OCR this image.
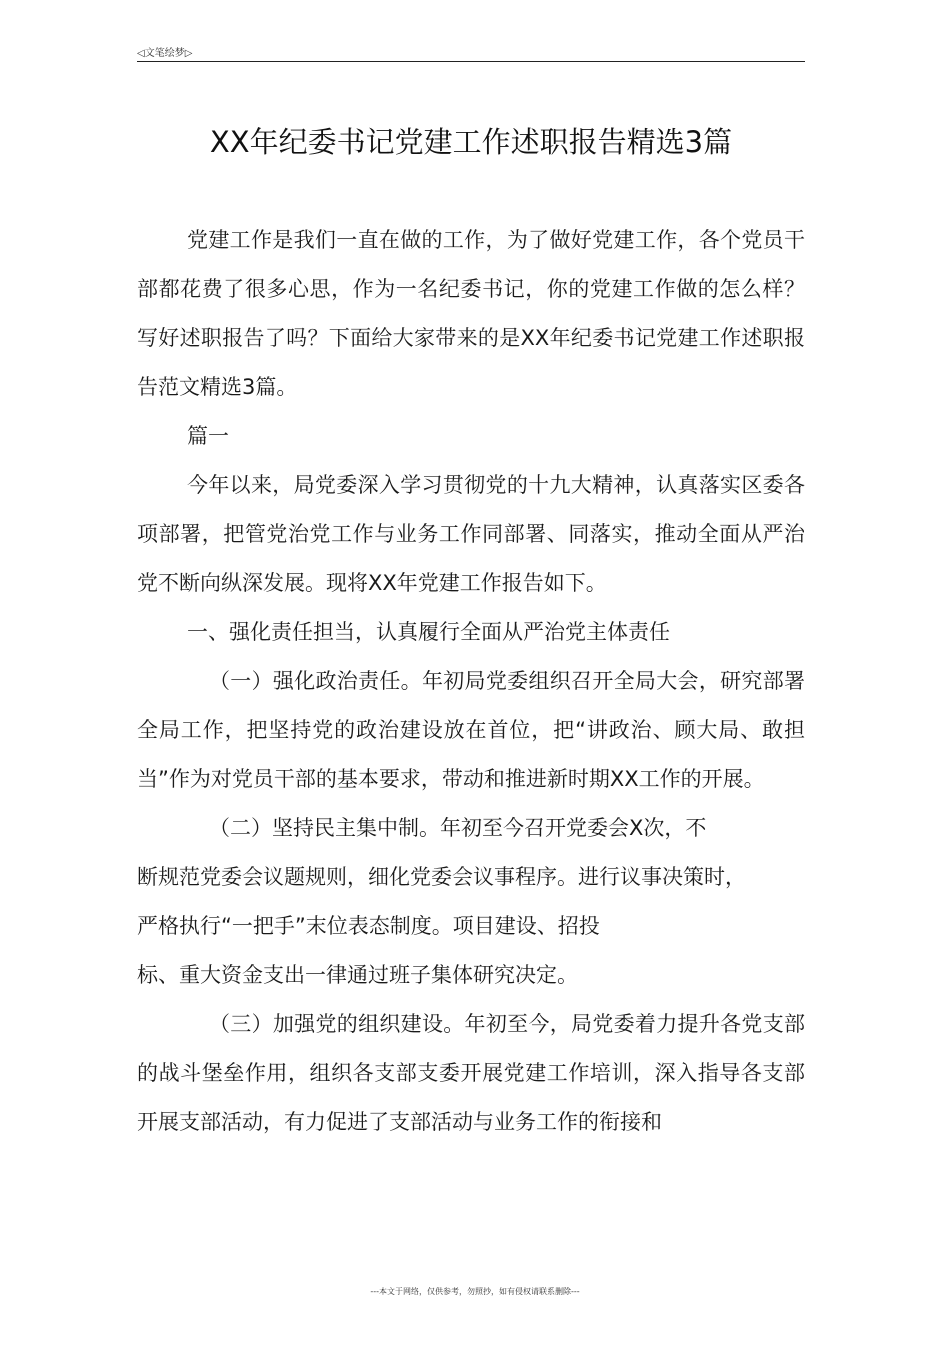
◁文笔绘梦▷
XX年纪委书记党建工作述职报告精选3篇

党建工作是我们一直在做的工作，为了做好党建工作，各个党员干部都花费了很多心思，作为一名纪委书记，你的党建工作做的怎么样？写好述职报告了吗？下面给大家带来的是XX年纪委书记党建工作述职报告范文精选3篇。

篇一

今年以来，局党委深入学习贯彻党的十九大精神，认真落实区委各项部署，把管党治党工作与业务工作同部署、同落实，推动全面从严治党不断向纵深发展。现将XX年党建工作报告如下。

一、强化责任担当，认真履行全面从严治党主体责任

（一）强化政治责任。年初局党委组织召开全局大会，研究部署全局工作，把坚持党的政治建设放在首位，把“讲政治、顾大局、敢担当”作为对党员干部的基本要求，带动和推进新时期XX工作的开展。

（二）坚持民主集中制。年初至今召开党委会X次，不
断规范党委会议题规则，细化党委会议事程序。进行议事决策时，
严格执行“一把手”末位表态制度。项目建设、招投
标、重大资金支出一律通过班子集体研究决定。

（三）加强党的组织建设。年初至今，局党委着力提升各党支部的战斗堡垒作用，组织各支部支委开展党建工作培训，深入指导各支部开展支部活动，有力促进了支部活动与业务工作的衔接和

---本文于网络，仅供参考，勿照抄，如有侵权请联系删除---
